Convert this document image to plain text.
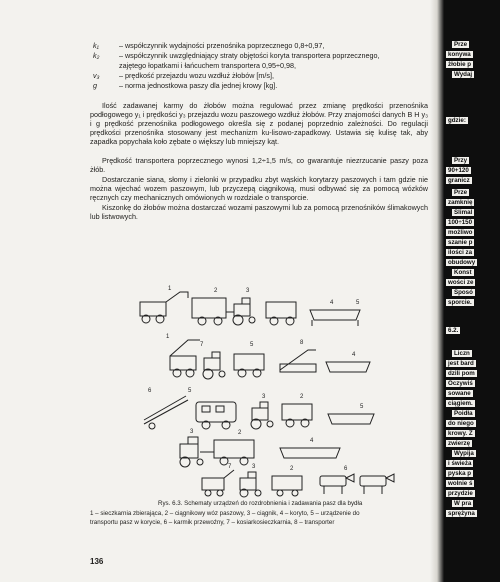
k₁	– współczynnik wydajności przenośnika poprzecznego 0,8÷0,97,
k₂	– współczynnik uwzględniający straty objętości koryta transportera poprzecznego,
zajętego łopatkami i łańcuchem transportera 0,95÷0,98,
v₃	– prędkość przejazdu wozu wzdłuż żłobów [m/s],
g	– norma jednostkowa paszy dla jednej krowy [kg].

Ilość zadawanej karmy do żłobów można regulować przez zmianę prędkości przenośnika podłogowego y₁ i prędkości y₃ przejazdu wozu paszowego wzdłuż żłobów. Przy znajomości danych B H y₃ i g prędkość przenośnika podłogowego określa się z podanej poprzednio zależności. Do regulacji prędkości przenośnika stosowany jest mechanizm ku-lisowo-zapadkowy. Ustawia się kulisę tak, aby zapadka popychała koło zębate o większy lub mniejszy kąt.

Prędkość transportera poprzecznego wynosi 1,2÷1,5 m/s, co gwarantuje niezrzucanie paszy poza żłób.

Dostarczanie siana, słomy i zielonki w przypadku zbyt wąskich korytarzy paszowych i tam gdzie nie można wjechać wozem paszowym, lub przyczepą ciągnikową, musi odbywać się za pomocą wózków ręcznych czy mechanicznych omówionych w rozdziale o transporcie.

Kiszonkę do żłobów można dostarczać wozami paszowymi lub za pomocą przenośników ślimakowych lub listwowych.

1	2	3
4	5
1
7	5	8
4
6	5
3	2
5
3	2
4
7	3	2	6
Rys. 6.3. Schematy urządzeń do rozdrobnienia i zadawania pasz dla bydła
1 – sieczkarnia zbierająca, 2 – ciągnikowy wóz paszowy, 3 – ciągnik, 4 – koryto, 5 – urządzenie do
transportu pasz w korycie, 6 – karmik przewoźny, 7 – kosiarkosieczkarnia, 8 – transporter
136
Prze
konywa
żłobie p
Wydaj
gdzie:
Przy
90+120
granicz
Prze
zamknię
Ślimal
100÷150
możliwo
szanie p
ilości za
obudowy
Konst
wości ze
Sposó
sporcie.
6.2.
Liczn
jest bard
dzili pom
Oczywiś
sowane
ciągiem.
Poidła
do niego
krowy. Z
zwierzę
Wypija
i świeża
pyska p
wolnie ś
przydzie
W pra
sprężyna
